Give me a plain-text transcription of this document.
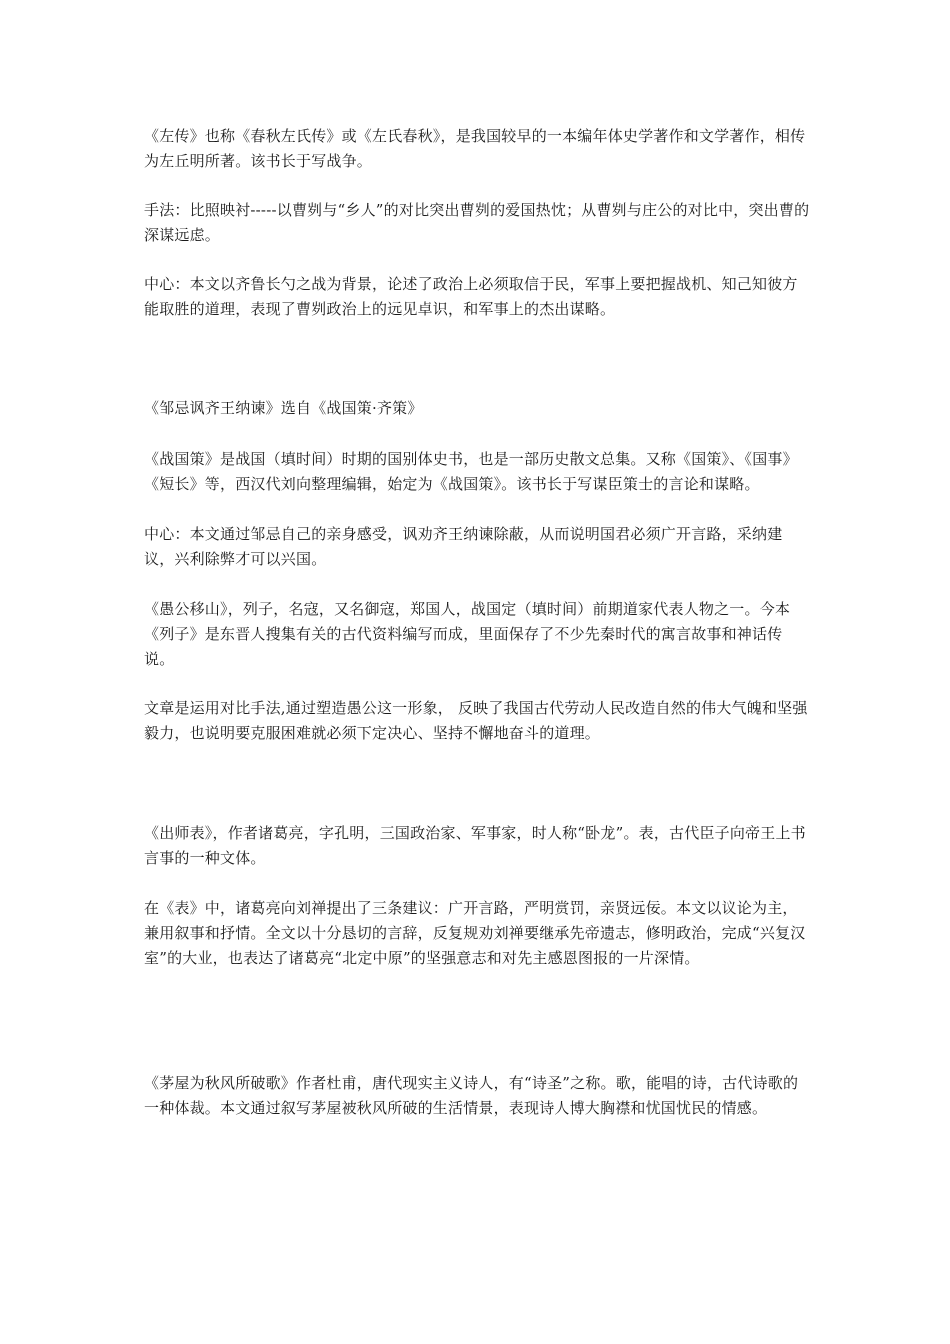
《左传》也称《春秋左氏传》或《左氏春秋》，是我国较早的一本编年体史学著作和文学著作，相传为左丘明所著。该书长于写战争。

手法：比照映衬-----以曹刿与“乡人”的对比突出曹刿的爱国热忱；从曹刿与庄公的对比中，突出曹的深谋远虑。

中心：本文以齐鲁长勺之战为背景，论述了政治上必须取信于民，军事上要把握战机、知己知彼方能取胜的道理，表现了曹刿政治上的远见卓识，和军事上的杰出谋略。

《邹忌讽齐王纳谏》选自《战国策·齐策》

《战国策》是战国（填时间）时期的国别体史书，也是一部历史散文总集。又称《国策》、《国事》《短长》等，西汉代刘向整理编辑，始定为《战国策》。该书长于写谋臣策士的言论和谋略。

中心：本文通过邹忌自己的亲身感受，讽劝齐王纳谏除蔽，从而说明国君必须广开言路，采纳建议，兴利除弊才可以兴国。

《愚公移山》，列子，名寇，又名御寇，郑国人，战国定（填时间）前期道家代表人物之一。今本《列子》是东晋人搜集有关的古代资料编写而成，里面保存了不少先秦时代的寓言故事和神话传说。

文章是运用对比手法,通过塑造愚公这一形象， 反映了我国古代劳动人民改造自然的伟大气魄和坚强毅力，也说明要克服困难就必须下定决心、坚持不懈地奋斗的道理。

《出师表》，作者诸葛亮，字孔明，三国政治家、军事家，时人称“卧龙”。表，古代臣子向帝王上书言事的一种文体。

在《表》中，诸葛亮向刘禅提出了三条建议：广开言路，严明赏罚，亲贤远佞。本文以议论为主，兼用叙事和抒情。全文以十分恳切的言辞，反复规劝刘禅要继承先帝遗志，修明政治，完成“兴复汉室”的大业，也表达了诸葛亮“北定中原”的坚强意志和对先主感恩图报的一片深情。

《茅屋为秋风所破歌》作者杜甫，唐代现实主义诗人，有“诗圣”之称。歌，能唱的诗，古代诗歌的一种体裁。本文通过叙写茅屋被秋风所破的生活情景，表现诗人博大胸襟和忧国忧民的情感。
